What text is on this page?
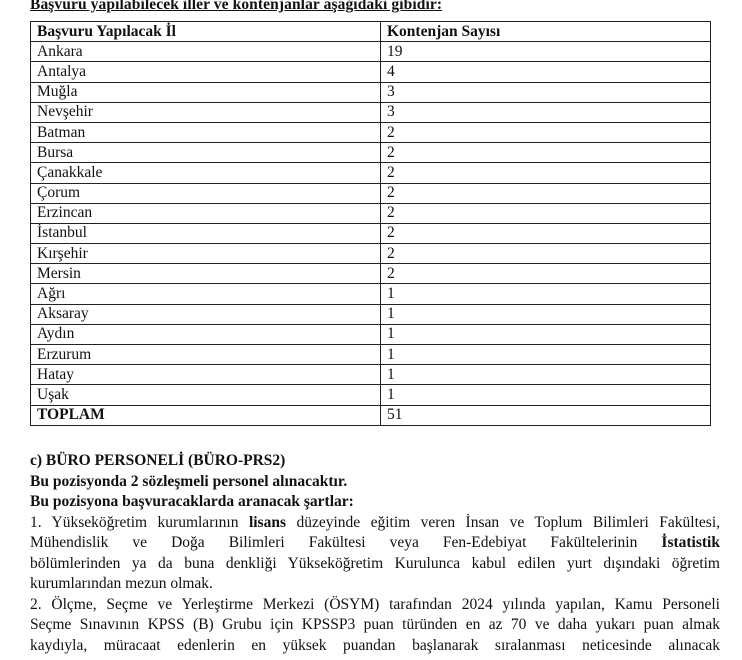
Başvuru yapılabilecek iller ve kontenjanlar aşağıdaki gibidir:
Başvuru Yapılacak İl	Kontenjan Sayısı
Ankara	19
Antalya	4
Muğla	3
Nevşehir	3
Batman	2
Bursa	2
Çanakkale	2
Çorum	2
Erzincan	2
İstanbul	2
Kırşehir	2
Mersin	2
Ağrı	1
Aksaray	1
Aydın	1
Erzurum	1
Hatay	1
Uşak	1
TOPLAM	51
c) BÜRO PERSONELİ (BÜRO-PRS2)
Bu pozisyonda 2 sözleşmeli personel alınacaktır.
Bu pozisyona başvuracaklarda aranacak şartlar:
1. Yükseköğretim kurumlarının lisans düzeyinde eğitim veren İnsan ve Toplum Bilimleri Fakültesi,
Mühendislik ve Doğa Bilimleri Fakültesi veya Fen-Edebiyat Fakültelerinin İstatistik
bölümlerinden ya da buna denkliği Yükseköğretim Kurulunca kabul edilen yurt dışındaki öğretim
kurumlarından mezun olmak.
2. Ölçme, Seçme ve Yerleştirme Merkezi (ÖSYM) tarafından 2024 yılında yapılan, Kamu Personeli
Seçme Sınavının KPSS (B) Grubu için KPSSP3 puan türünden en az 70 ve daha yukarı puan almak
kaydıyla, müracaat edenlerin en yüksek puandan başlanarak sıralanması neticesinde alınacak
